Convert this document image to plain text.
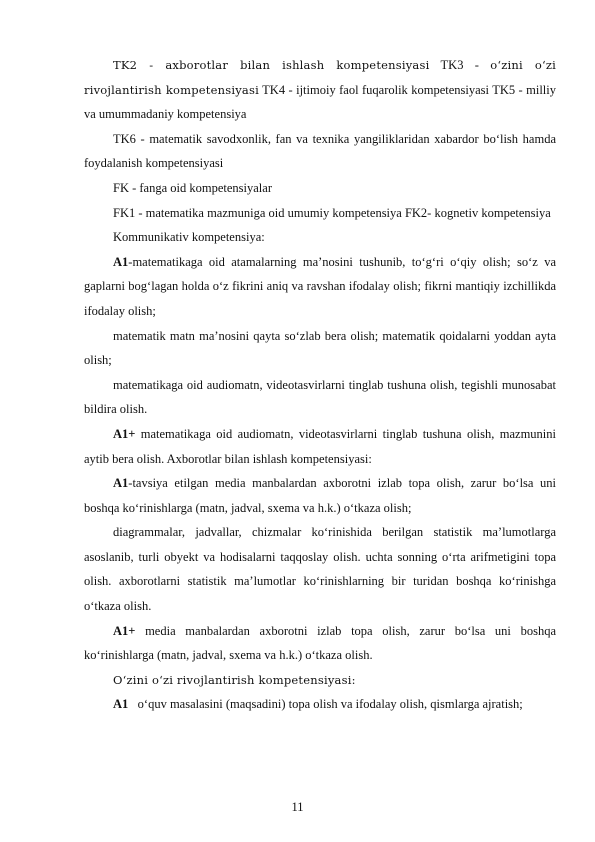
TK2 - axborotlar bilan ishlash kompetensiyasi TK3 - o‘zini o‘zi rivojlantirish kompetensiyasi TK4 - ijtimoiy faol fuqarolik kompetensiyasi TK5 - milliy va umummadaniy kompetensiya

TK6 - matematik savodxonlik, fan va texnika yangiliklaridan xabardor bo‘lish hamda foydalanish kompetensiyasi

FK - fanga oid kompetensiyalar

FK1 - matematika mazmuniga oid umumiy kompetensiya FK2- kognetiv kompetensiya

Kommunikativ kompetensiya:

A1-matematikaga oid atamalarning ma’nosini tushunib, to‘g‘ri o‘qiy olish; so‘z va gaplarni bog‘lagan holda o‘z fikrini aniq va ravshan ifodalay olish; fikrni mantiqiy izchillikda ifodalay olish;

matematik matn ma’nosini qayta so‘zlab bera olish; matematik qoidalarni yoddan ayta olish;

matematikaga oid audiomatn, videotasvirlarni tinglab tushuna olish, tegishli munosabat bildira olish.

A1+ matematikaga oid audiomatn, videotasvirlarni tinglab tushuna olish, mazmunini aytib bera olish. Axborotlar bilan ishlash kompetensiyasi:

A1-tavsiya etilgan media manbalardan axborotni izlab topa olish, zarur bo‘lsa uni boshqa ko‘rinishlarga (matn, jadval, sxema va h.k.) o‘tkaza olish;

diagrammalar, jadvallar, chizmalar ko‘rinishida berilgan statistik ma’lumotlarga asoslanib, turli obyekt va hodisalarni taqqoslay olish. uchta sonning o‘rta arifmetigini topa olish. axborotlarni statistik ma’lumotlar ko‘rinishlarning bir turidan boshqa ko‘rinishga o‘tkaza olish.

A1+ media manbalardan axborotni izlab topa olish, zarur bo‘lsa uni boshqa ko‘rinishlarga (matn, jadval, sxema va h.k.) o‘tkaza olish.

O‘zini o‘zi rivojlantirish kompetensiyasi:

A1   o‘quv masalasini (maqsadini) topa olish va ifodalay olish, qismlarga ajratish;

11
